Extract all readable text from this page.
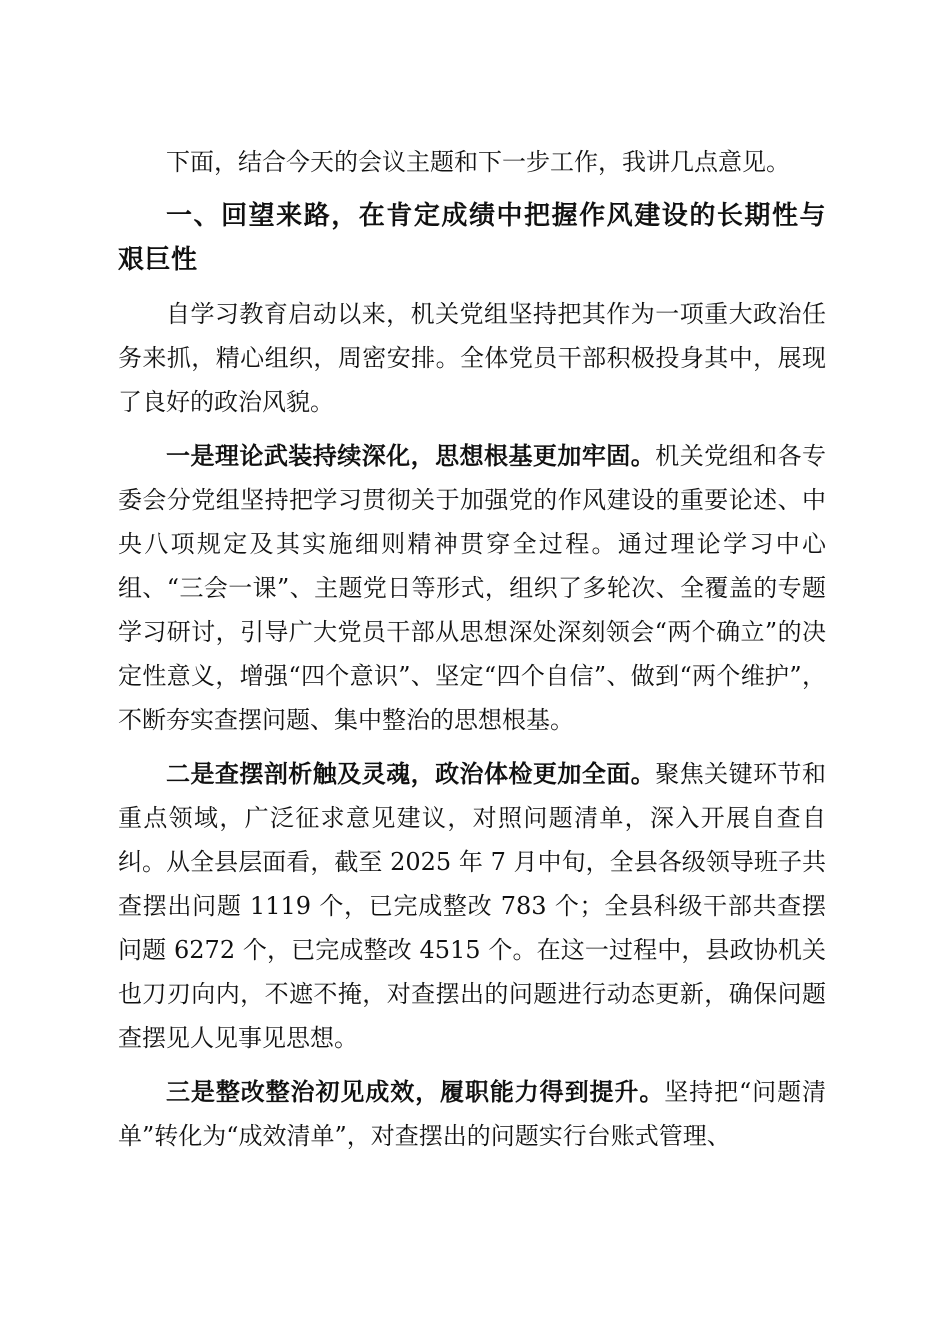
下面，结合今天的会议主题和下一步工作，我讲几点意见。

一、回望来路，在肯定成绩中把握作风建设的长期性与艰巨性

自学习教育启动以来，机关党组坚持把其作为一项重大政治任务来抓，精心组织，周密安排。全体党员干部积极投身其中，展现了良好的政治风貌。

一是理论武装持续深化，思想根基更加牢固。机关党组和各专委会分党组坚持把学习贯彻关于加强党的作风建设的重要论述、中央八项规定及其实施细则精神贯穿全过程。通过理论学习中心组、“三会一课”、主题党日等形式，组织了多轮次、全覆盖的专题学习研讨，引导广大党员干部从思想深处深刻领会“两个确立”的决定性意义，增强“四个意识”、坚定“四个自信”、做到“两个维护”，不断夯实查摆问题、集中整治的思想根基。

二是查摆剖析触及灵魂，政治体检更加全面。聚焦关键环节和重点领域，广泛征求意见建议，对照问题清单，深入开展自查自纠。从全县层面看，截至 2025 年 7 月中旬，全县各级领导班子共查摆出问题 1119 个，已完成整改 783 个；全县科级干部共查摆问题 6272 个，已完成整改 4515 个。在这一过程中，县政协机关也刀刃向内，不遮不掩，对查摆出的问题进行动态更新，确保问题查摆见人见事见思想。

三是整改整治初见成效，履职能力得到提升。坚持把“问题清单”转化为“成效清单”，对查摆出的问题实行台账式管理、
